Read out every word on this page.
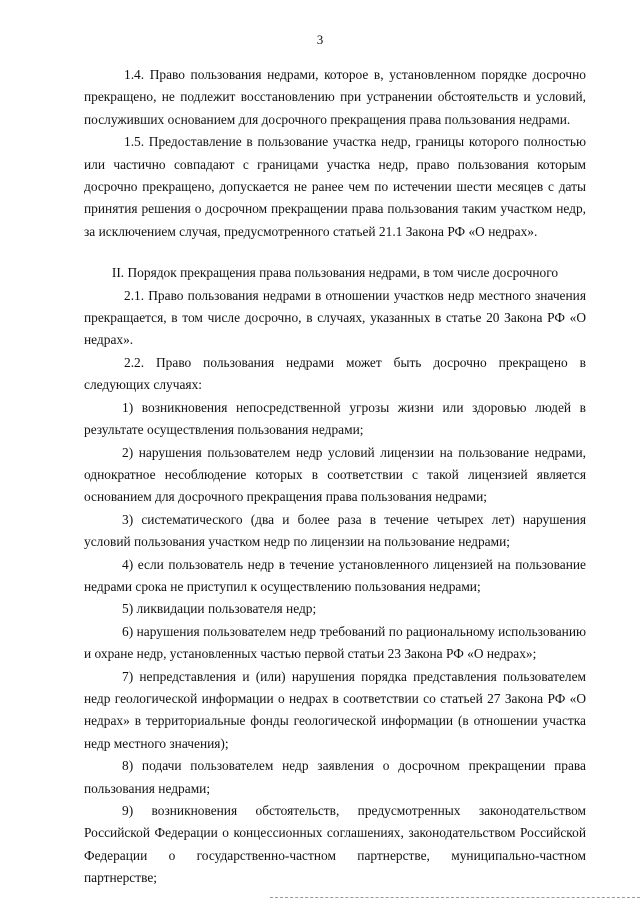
3

1.4. Право пользования недрами, которое в, установленном порядке досрочно прекращено, не подлежит восстановлению при устранении обстоятельств и условий, послуживших основанием для досрочного прекращения права пользования недрами.

1.5. Предоставление в пользование участка недр, границы которого полностью или частично совпадают с границами участка недр, право пользования которым досрочно прекращено, допускается не ранее чем по истечении шести месяцев с даты принятия решения о досрочном прекращении права пользования таким участком недр, за исключением случая, предусмотренного статьей 21.1 Закона РФ «О недрах».

II. Порядок прекращения права пользования недрами, в том числе досрочного

2.1. Право пользования недрами в отношении участков недр местного значения прекращается, в том числе досрочно, в случаях, указанных в статье 20 Закона РФ «О недрах».

2.2. Право пользования недрами может быть досрочно прекращено в следующих случаях:

1) возникновения непосредственной угрозы жизни или здоровью людей в результате осуществления пользования недрами;

2) нарушения пользователем недр условий лицензии на пользование недрами, однократное несоблюдение которых в соответствии с такой лицензией является основанием для досрочного прекращения права пользования недрами;

3) систематического (два и более раза в течение четырех лет) нарушения условий пользования участком недр по лицензии на пользование недрами;

4) если пользователь недр в течение установленного лицензией на пользование недрами срока не приступил к осуществлению пользования недрами;

5) ликвидации пользователя недр;

6) нарушения пользователем недр требований по рациональному использованию и охране недр, установленных частью первой статьи 23 Закона РФ «О недрах»;

7) непредставления и (или) нарушения порядка представления пользователем недр геологической информации о недрах в соответствии со статьей 27 Закона РФ «О недрах» в территориальные фонды геологической информации (в отношении участка недр местного значения);

8) подачи пользователем недр заявления о досрочном прекращении права пользования недрами;

9) возникновения обстоятельств, предусмотренных законодательством Российской Федерации о концессионных соглашениях, законодательством Российской Федерации о государственно-частном партнерстве, муниципально-частном партнерстве;
